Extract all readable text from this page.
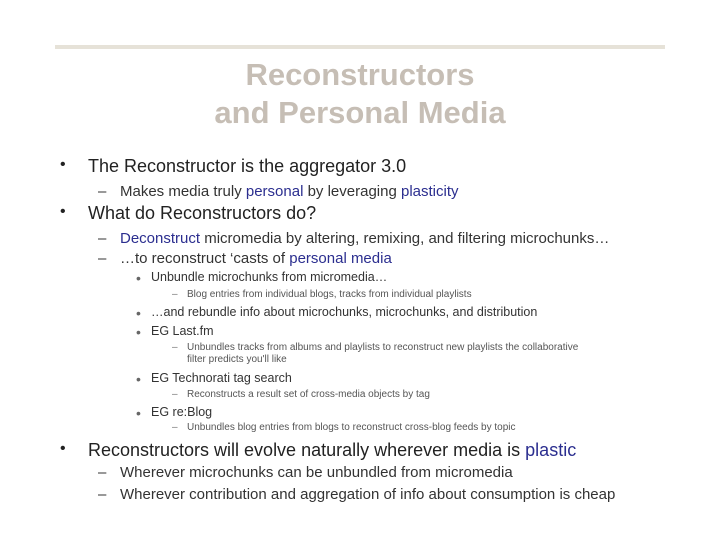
Reconstructors
and Personal Media
• The Reconstructor is the aggregator 3.0
– Makes media truly personal by leveraging plasticity
• What do Reconstructors do?
– Deconstruct micromedia by altering, remixing, and filtering microchunks…
– …to reconstruct ‘casts of personal media
• Unbundle microchunks from micromedia…
– Blog entries from individual blogs, tracks from individual playlists
• …and rebundle info about microchunks, microchunks, and distribution
• EG Last.fm
– Unbundles tracks from albums and playlists to reconstruct new playlists the collaborative
filter predicts you'll like
• EG Technorati tag search
– Reconstructs a result set of cross-media objects by tag
• EG re:Blog
– Unbundles blog entries from blogs to reconstruct cross-blog feeds by topic
• Reconstructors will evolve naturally wherever media is plastic
– Wherever microchunks can be unbundled from micromedia
– Wherever contribution and aggregation of info about consumption is cheap
